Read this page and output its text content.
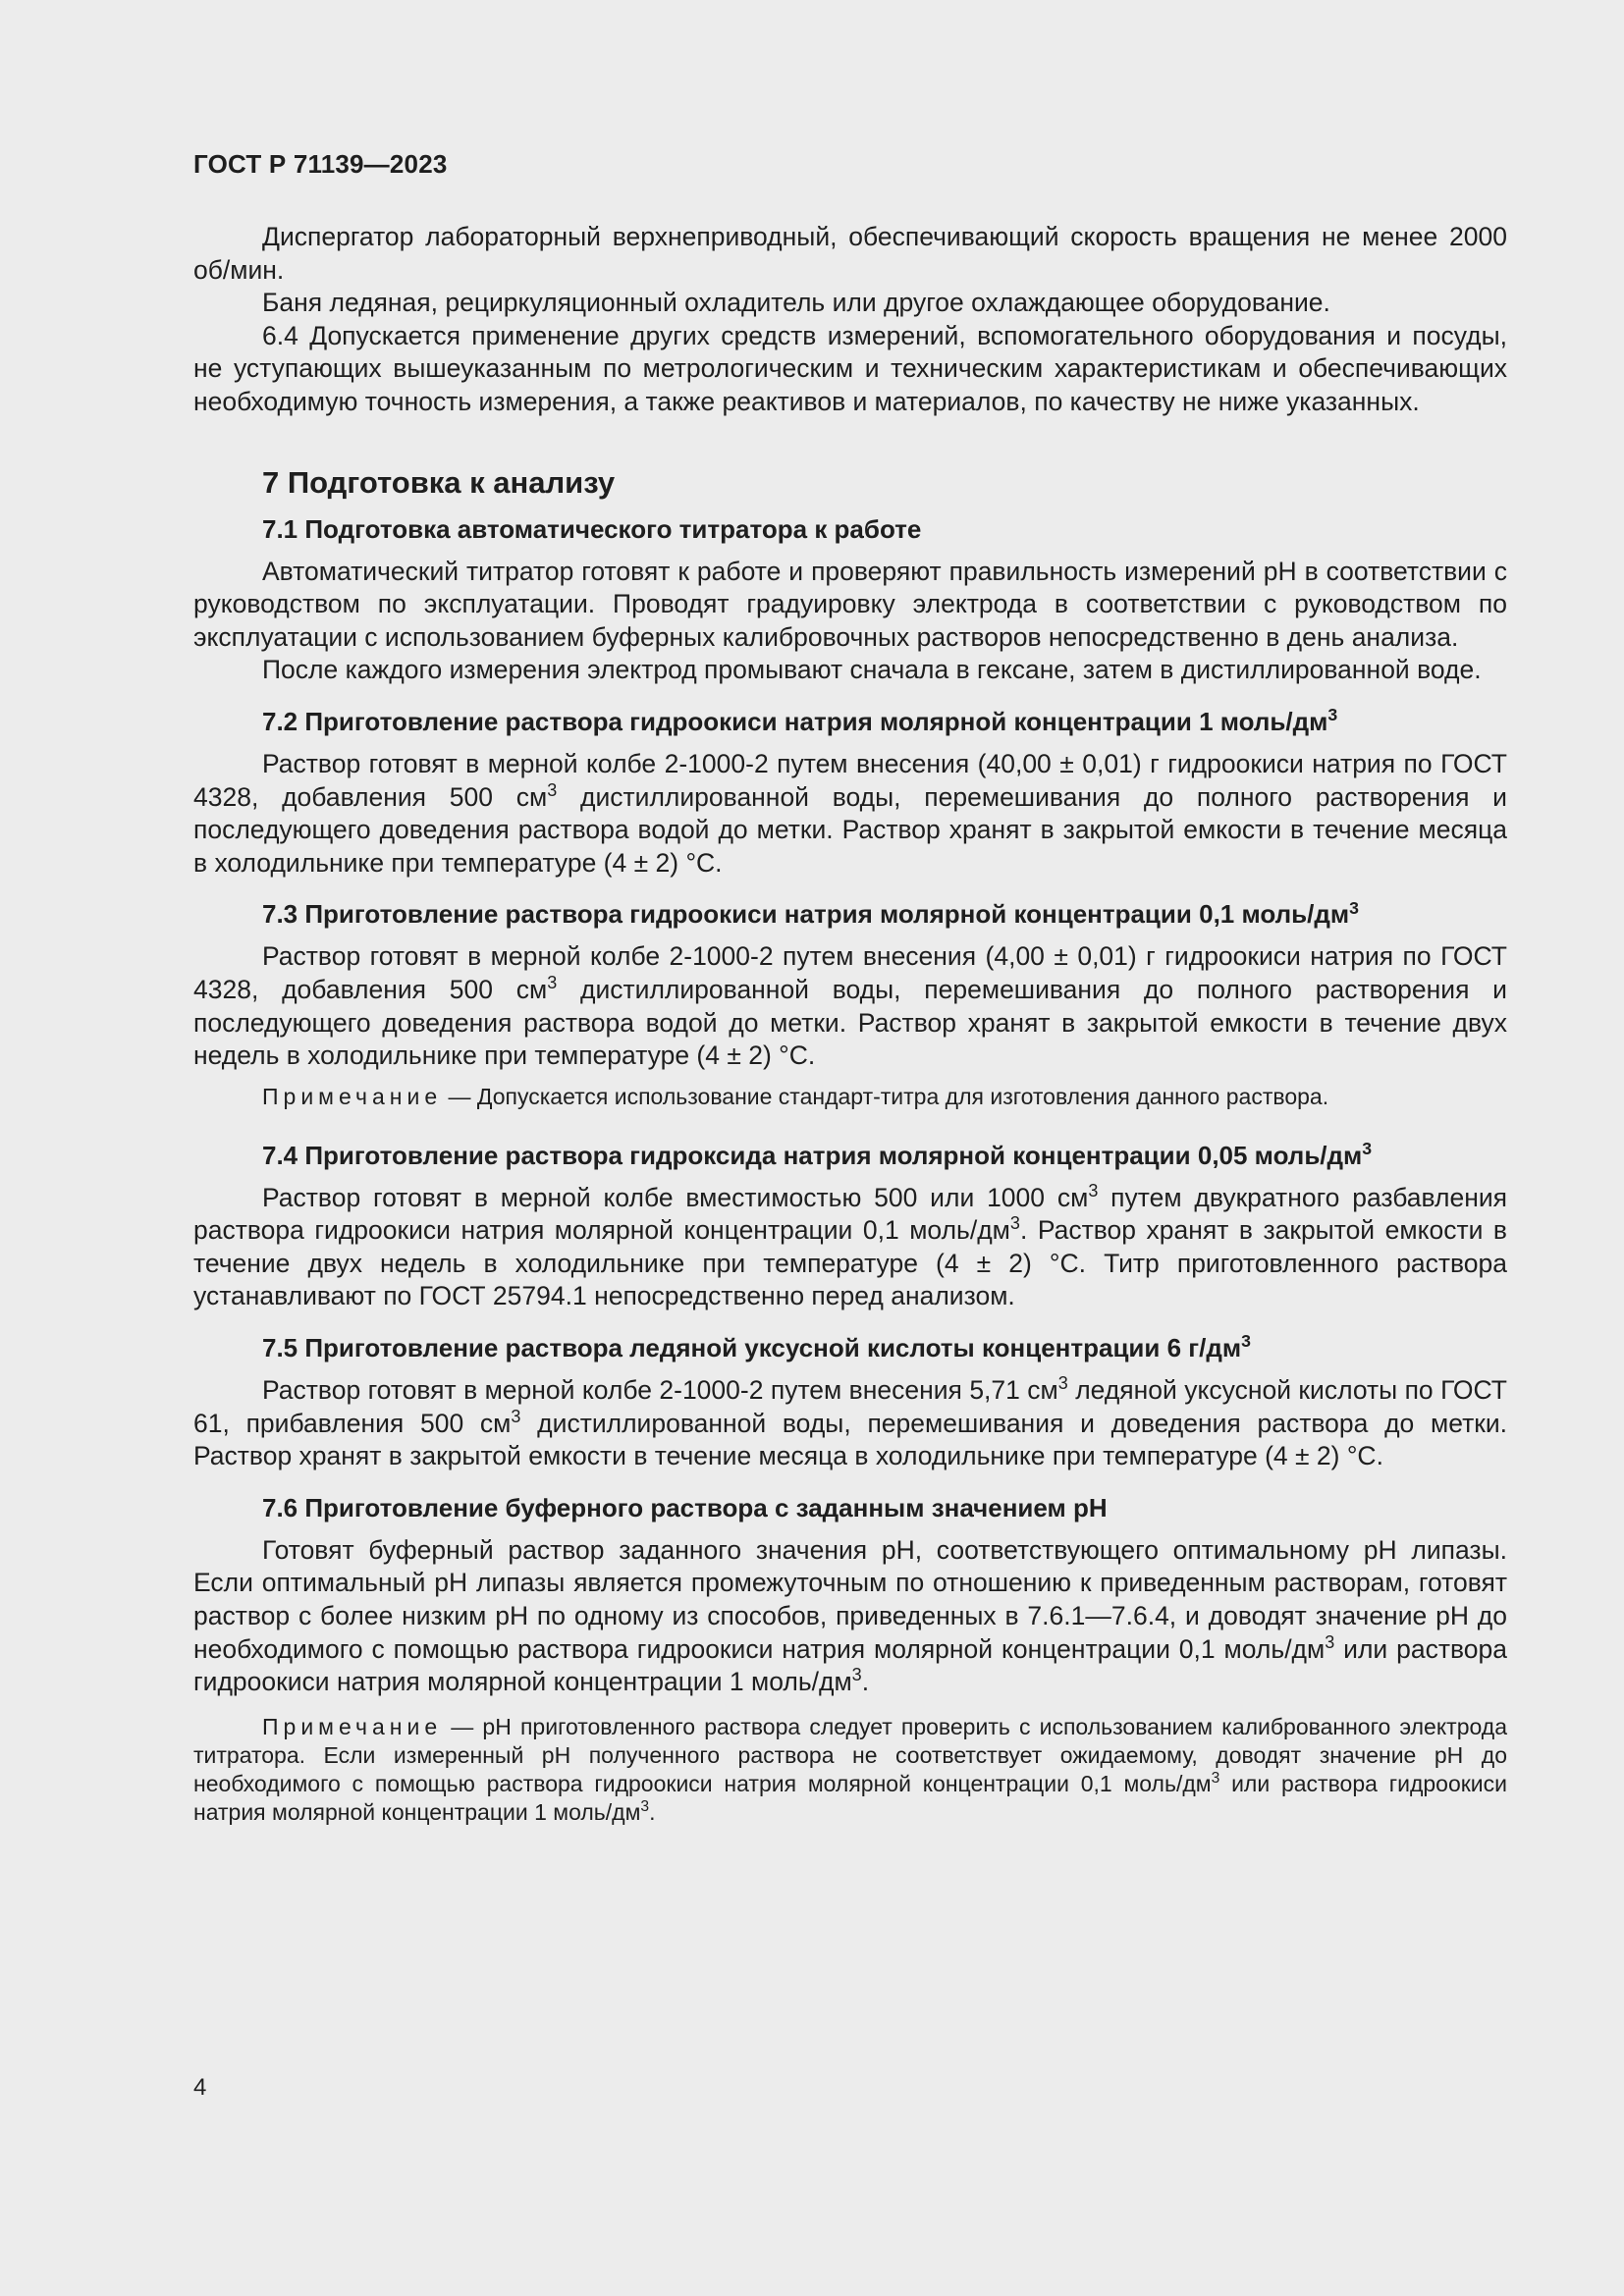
ГОСТ Р 71139—2023

Диспергатор лабораторный верхнеприводный, обеспечивающий скорость вращения не менее 2000 об/мин.

Баня ледяная, рециркуляционный охладитель или другое охлаждающее оборудование.

6.4 Допускается применение других средств измерений, вспомогательного оборудования и посуды, не уступающих вышеуказанным по метрологическим и техническим характеристикам и обеспечивающих необходимую точность измерения, а также реактивов и материалов, по качеству не ниже указанных.

7 Подготовка к анализу
7.1 Подготовка автоматического титратора к работе

Автоматический титратор готовят к работе и проверяют правильность измерений pH в соответствии с руководством по эксплуатации. Проводят градуировку электрода в соответствии с руководством по эксплуатации с использованием буферных калибровочных растворов непосредственно в день анализа.

После каждого измерения электрод промывают сначала в гексане, затем в дистиллированной воде.

7.2 Приготовление раствора гидроокиси натрия молярной концентрации 1 моль/$дм^3$

Раствор готовят в мерной колбе 2-1000-2 путем внесения (40,00 ± 0,01) г гидроокиси натрия по ГОСТ 4328, добавления 500 $см^3$ дистиллированной воды, перемешивания до полного растворения и последующего доведения раствора водой до метки. Раствор хранят в закрытой емкости в течение месяца в холодильнике при температуре (4 ± 2) °С.

7.3 Приготовление раствора гидроокиси натрия молярной концентрации 0,1 моль/$дм^3$

Раствор готовят в мерной колбе 2-1000-2 путем внесения (4,00 ± 0,01) г гидроокиси натрия по ГОСТ 4328, добавления 500 $см^3$ дистиллированной воды, перемешивания до полного растворения и последующего доведения раствора водой до метки. Раствор хранят в закрытой емкости в течение двух недель в холодильнике при температуре (4 ± 2) °С.

Примечание — Допускается использование стандарт-титра для изготовления данного раствора.
7.4 Приготовление раствора гидроксида натрия молярной концентрации 0,05 моль/$дм^3$

Раствор готовят в мерной колбе вместимостью 500 или 1000 $см^3$ путем двукратного разбавления раствора гидроокиси натрия молярной концентрации 0,1 моль/$дм^3$. Раствор хранят в закрытой емкости в течение двух недель в холодильнике при температуре (4 ± 2) °С. Титр приготовленного раствора устанавливают по ГОСТ 25794.1 непосредственно перед анализом.

7.5 Приготовление раствора ледяной уксусной кислоты концентрации 6 $г/дм^3$

Раствор готовят в мерной колбе 2-1000-2 путем внесения 5,71 $см^3$ ледяной уксусной кислоты по ГОСТ 61, прибавления 500 $см^3$ дистиллированной воды, перемешивания и доведения раствора до метки. Раствор хранят в закрытой емкости в течение месяца в холодильнике при температуре (4 ± 2) °С.

7.6 Приготовление буферного раствора с заданным значением pH

Готовят буферный раствор заданного значения pH, соответствующего оптимальному pH липазы. Если оптимальный pH липазы является промежуточным по отношению к приведенным растворам, готовят раствор с более низким pH по одному из способов, приведенных в 7.6.1—7.6.4, и доводят значение pH до необходимого с помощью раствора гидроокиси натрия молярной концентрации 0,1 моль/$дм^3$ или раствора гидроокиси натрия молярной концентрации 1 моль/$дм^3$.

Примечание — pH приготовленного раствора следует проверить с использованием калиброванного электрода титратора. Если измеренный pH полученного раствора не соответствует ожидаемому, доводят значение pH до необходимого с помощью раствора гидроокиси натрия молярной концентрации 0,1 моль/$дм^3$ или раствора гидроокиси натрия молярной концентрации 1 моль/$дм^3$.
4
